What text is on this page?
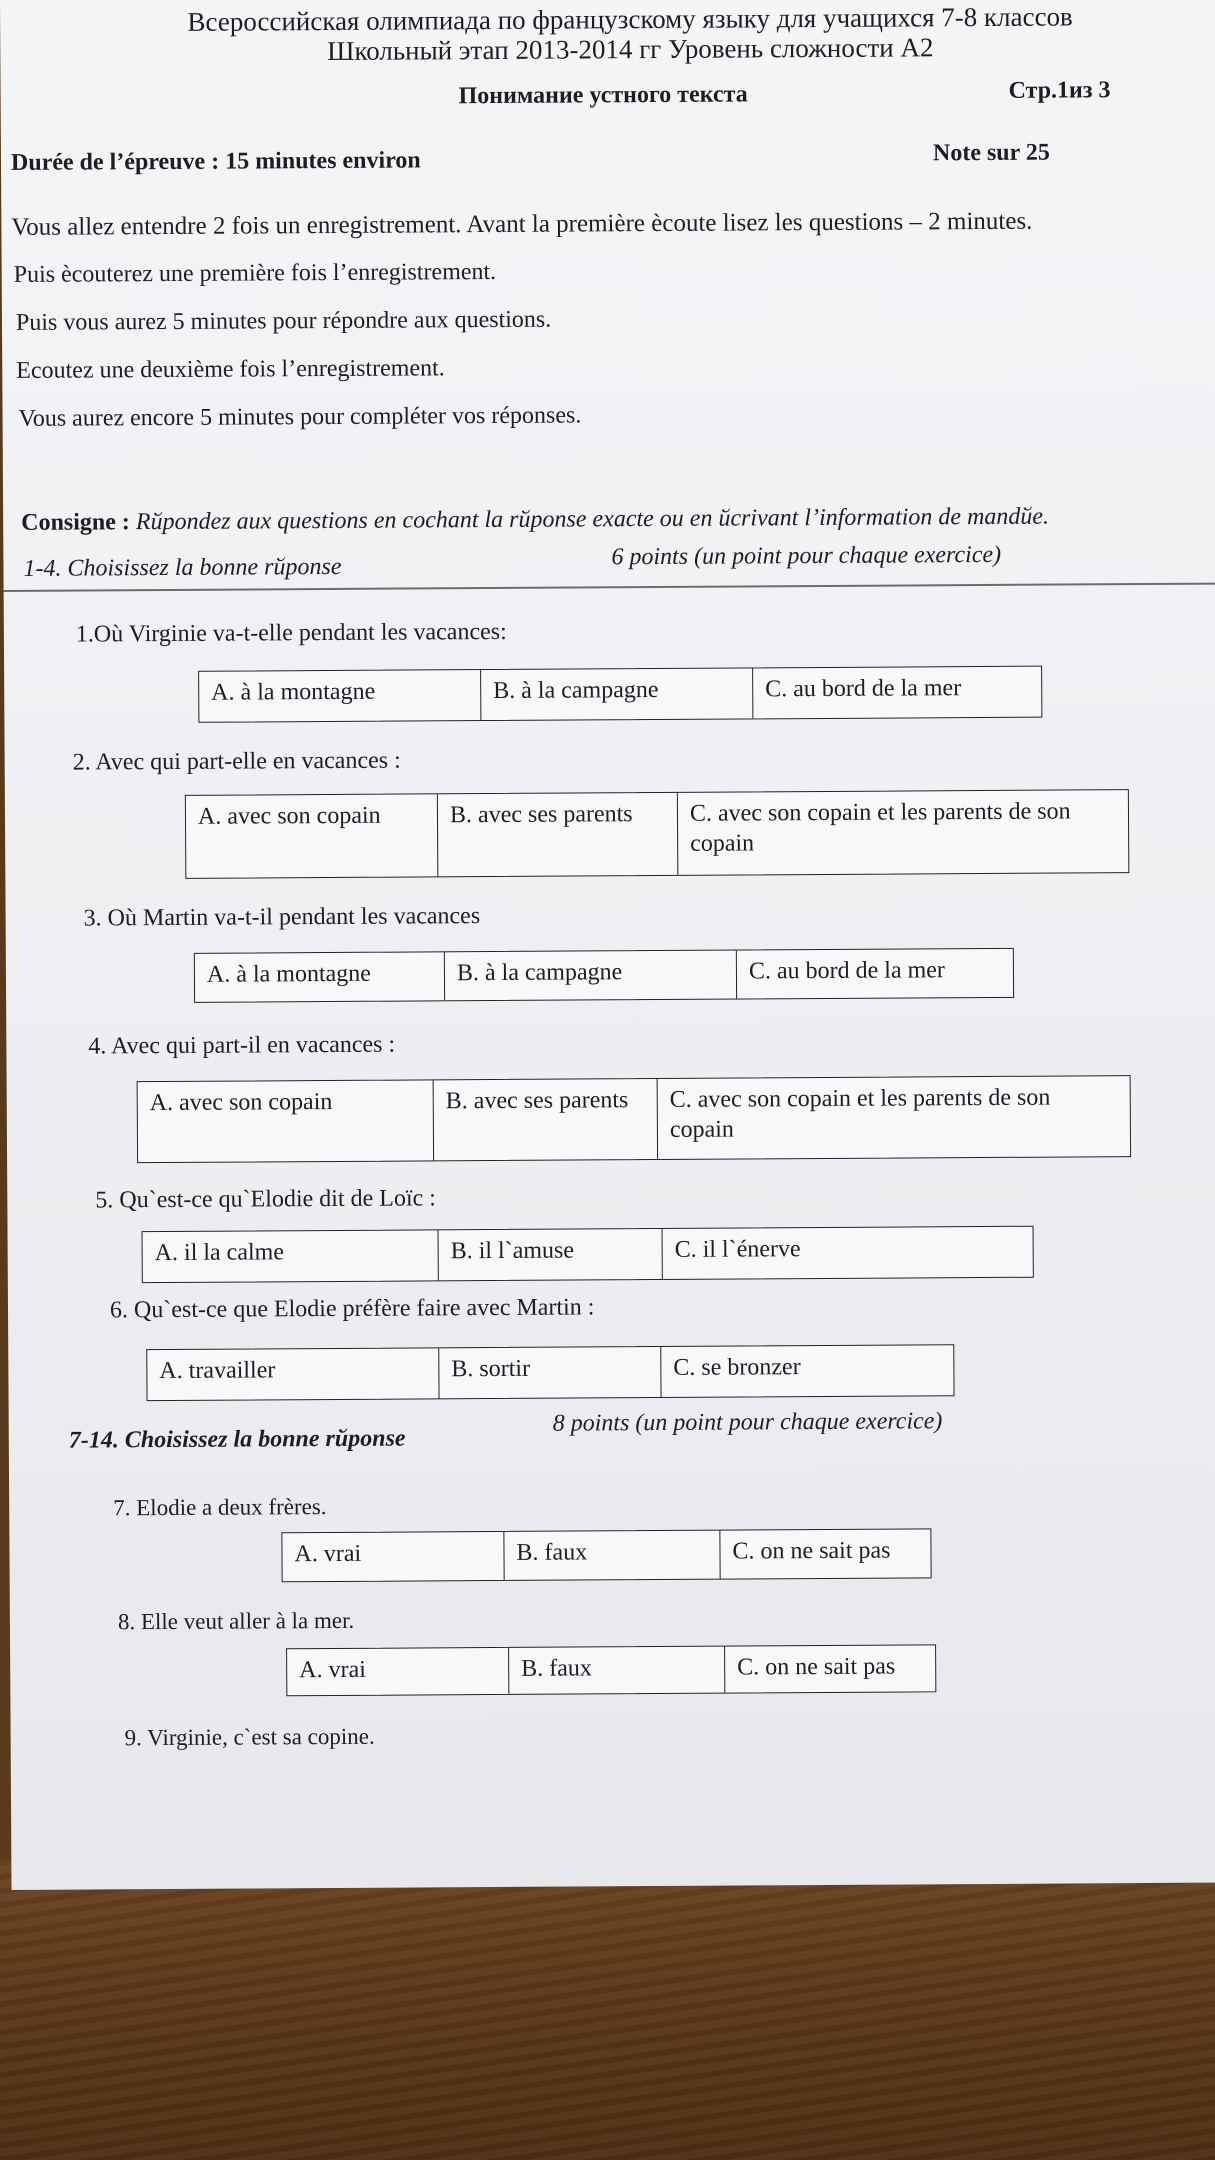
Всероссийская олимпиада по французскому языку для учащихся 7-8 классов
Школьный этап 2013-2014 гг Уровень сложности А2
Понимание устного текста	Стр.1из 3
Durée de l’épreuve : 15 minutes environ	Note sur 25
Vous allez entendre 2 fois un enregistrement. Avant la première ècoute lisez les questions – 2 minutes.
Puis ècouterez une première fois l’enregistrement.
Puis vous aurez 5 minutes pour répondre aux questions.
Ecoutez une deuxième fois l’enregistrement.
Vous aurez encore 5 minutes pour compléter vos réponses.
Consigne : Rйpondez aux questions en cochant la rйponse exacte ou en йcrivant l’information de mandйe.
1-4. Choisissez la bonne rйponse	6 points (un point pour chaque exercice)
1.Où Virginie va-t-elle pendant les vacances:
A. à la montagne	B. à la campagne	C. au bord de la mer
2. Avec qui part-elle en vacances :
A. avec son copain	B. avec ses parents	C. avec son copain et les parents de son copain
3. Où Martin va-t-il pendant les vacances
A. à la montagne	B. à la campagne	C. au bord de la mer
4. Avec qui part-il en vacances :
A. avec son copain	B. avec ses parents	C. avec son copain et les parents de son copain
5. Qu`est-ce qu`Elodie dit de Loïc :
A. il la calme	B. il l`amuse	C. il l`énerve
6. Qu`est-ce que Elodie préfère faire avec Martin :
A. travailler	B. sortir	C. se bronzer
7-14. Choisissez la bonne rйponse
8 points (un point pour chaque exercice)
7. Elodie a deux frères.
A. vrai	B. faux	C. on ne sait pas
8. Elle veut aller à la mer.
A. vrai	B. faux	C. on ne sait pas
9. Virginie, c`est sa copine.
